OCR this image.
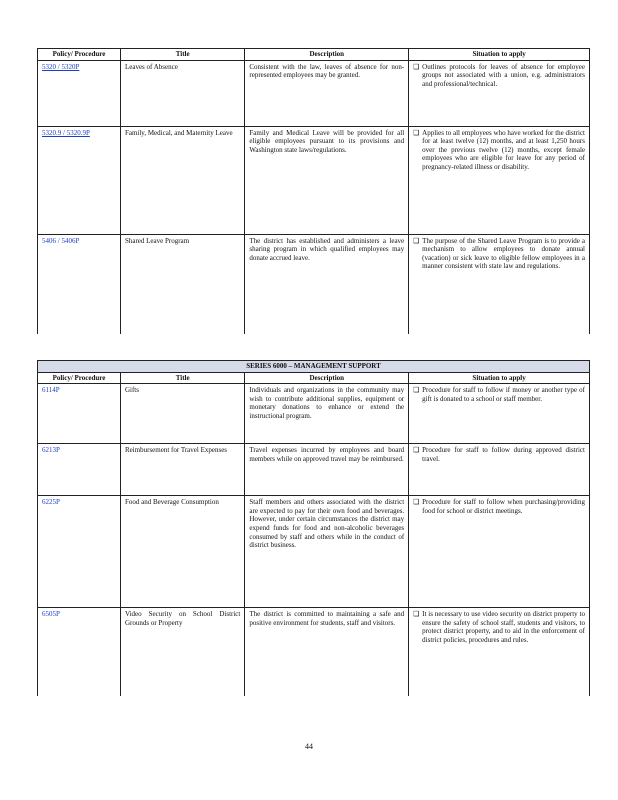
Policy/ Procedure	Title	Description	Situation to apply
5320 / 5320P	Leaves of Absence	Consistent with the law, leaves of absence for non-represented employees may be granted.	❑ Outlines protocols for leaves of absence for employee groups not associated with a union, e.g. administrators and professional/technical.

5320.9 / 5320.9P	Family, Medical, and Maternity Leave	Family and Medical Leave will be provided for all eligible employees pursuant to its provisions and Washington state laws/regulations.	❑ Applies to all employees who have worked for the district for at least twelve (12) months, and at least 1,250 hours over the previous twelve (12) months, except female employees who are eligible for leave for any period of pregnancy-related illness or disability.

5406 / 5406P	Shared Leave Program	The district has established and administers a leave sharing program in which qualified employees may donate accrued leave.	❑ The purpose of the Shared Leave Program is to provide a mechanism to allow employees to donate annual (vacation) or sick leave to eligible fellow employees in a manner consistent with state law and regulations.
SERIES 6000 – MANAGEMENT SUPPORT			
Policy/ Procedure	Title	Description	Situation to apply
6114P	Gifts	Individuals and organizations in the community may wish to contribute additional supplies, equipment or monetary donations to enhance or extend the instructional program.	❑ Procedure for staff to follow if money or another type of gift is donated to a school or staff member.

6213P	Reimbursement for Travel Expenses	Travel expenses incurred by employees and board members while on approved travel may be reimbursed.	❑ Procedure for staff to follow during approved district travel.

6225P	Food and Beverage Consumption	Staff members and others associated with the district are expected to pay for their own food and beverages. However, under certain circumstances the district may expend funds for food and non-alcoholic beverages consumed by staff and others while in the conduct of district business.	❑ Procedure for staff to follow when purchasing/providing food for school or district meetings.

6505P	Video Security on School District Grounds or Property	The district is committed to maintaining a safe and positive environment for students, staff and visitors.	❑ It is necessary to use video security on district property to ensure the safety of school staff, students and visitors, to protect district property, and to aid in the enforcement of district policies, procedures and rules.
44
